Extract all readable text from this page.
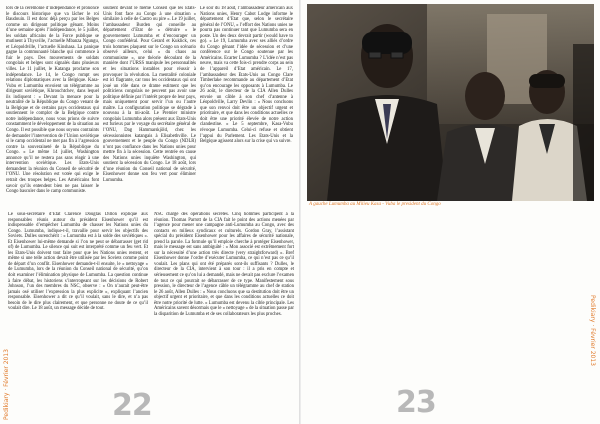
lors de la cérémonie d’indépendance et prononce le discours historique que va lâcher le roi Baudouin. Il est donc déjà perçu par les Belges comme un dirigeant politique gênant. Moins d’une semaine après l’indépendance, le 5 juillet, les soldats africains de la Force publique se mutinent à Thysville, l’actuelle Mbanza Ngungu, et Léopoldville, l’actuelle Kinshasa. La panique gagne la communauté blanche qui commence à fuir le pays. Des mouvements de soldats congolais et belges sont signalés dans plusieurs villes. Le 11 juillet, le Katanga proclame son indépendance. Le 14, le Congo rompt ses relations diplomatiques avec la Belgique. Kasa-Vubu et Lumumba envoient un télégramme au dirigeant soviétique, Khrouchtchev, dans lequel ils indiquent : « Devant la menace pour la neutralité de la République du Congo venant de la Belgique et de certains pays occidentaux qui soutiennent le complot de la Belgique contre notre indépendance, nous vous prions de suivre constamment le développement de la situation au Congo. Il est possible que nous soyons contraints de demander l’intervention de l’Union soviétique si le camp occidental ne met pas fin à l’agression contre la souveraineté de la République du Congo. » Le même 14 juillet, Washington annonce qu’il ne restera pas sans réagir à une intervention soviétique. Les Etats-Unis demandent la réunion du Conseil de sécurité de l’ONU. Une résolution est votée qui exige le retrait des troupes belges. Les Américains font savoir qu’ils entendent bien ne pas laisser le Congo basculer dans le camp communiste.

soutient devant le même Conseil que les Etats-Unis font face au Congo à une situation « similaire à celle de Castro ou pire ». Le 19 juillet, l’ambassadeur Burden qui conseille au département d’Etat de « détruire » le gouvernement Lumumba et d’encourager un Congo confédéral. Pour Gerard et Kuklick, ces trois hommes plaquent sur le Congo un scénario observé ailleurs, celui « du chaos au communisme », une théorie découlant de la manière dont l’URSS manipule les personnalités et les situations instables pour réussir à provoquer la révolution. La mentalité coloniale est ici flagrante, car tous les occidentaux qui ont joué un rôle dans ce drame estiment que les politiciens congolais ne peuvent pas avoir une politique définie par l’intérêt propre de leur pays, mais uniquement pour servir l’un ou l’autre maître. La configuration politique se dégrade à nouveau à la mi-août. Le Premier ministre congolais Lumumba alors présent aux Etats-Unis est furieux par le voyage du secrétaire général de l’ONU, Dag Hammarskjöld, chez les sécessionnistes katangais à Elisabethville. Le gouvernement et le peuple du Congo (NDLR) n’ont pas confiance dans les Nations unies pour mettre fin à la sécession. Cette rentrée en cause des Nations unies inquiète Washington, qui soutient la sécession du Congo. Le 18 août, lors d’une réunion du Conseil national de sécurité, Eisenhower donne son feu vert pour éliminer Lumumba.

Le soir du 18 août, l’ambassadeur américain aux Nations unies, Henry Cabot Lodge informe le département d’Etat que, selon le secrétaire général de l’ONU, « l’effort des Nations unies ne pourra pas continuer tant que Lumumba sera en poste. Un des deux devrait partir (would have to go). » Le 19, Lumumba avec ses alliés d’ordre du Congo gênant l’idée de sécession et d’une conférence sur le Congo soutenue par les Américains. Ecarter Lumumba ? L’idée n’est pas neuve, mais va cette fois-ci prendre corps au sein de l’appareil d’Etat américain. Le 17, l’ambassadeur des Etats-Unis au Congo Clare Timberlake recommande au département d’Etat qu’on encourage les opposants à Lumumba. Le 26 août, le directeur de la CIA Allen Dulles envoie un câble à son chef d’antenne à Léopoldville, Larry Devlin : « Nous concluons que son renvoi doit être un objectif urgent et prioritaire, et que dans les conditions actuelles ce doit être une priorité élevée de notre action clandestine. » Le 5 septembre, Kasa-Vubu révoque Lumumba. Celui-ci refuse et obtient l’appui du Parlement. Les Etats-Unis et la Belgique agissent alors sur la crise qui va suivre.

22	23
A gauche Lumumba au Milieu Kasa - Vuba le president du Congo

Le sous-secrétaire d’Etat Clarence Douglas Dillon explique aux responsables réunis autour du président Eisenhower qu’il est indispensable d’empêcher Lumumba de chasser les Nations unies du Congo. Lumumba, indique-t-il, travaille pour servir les objectifs des Soviets. Dulles surenchérit : « Lumumba est à la solde des soviétiques ». Et Eisenhower lui-même demande si l’on ne peut se débarrasser (get rid of) de Lumumba. Le silence qui suit est interprété comme un feu vert. Et les Etats-Unis doivent tout faire pour que les Nations unies restent, et même si une telle action devait être utilisée par les Soviets comme point de départ d’un conflit. Eisenhower demande-t-il ensuite, le « nettoyage » de Lumumba, lors de la réunion du Conseil national de sécurité, qu’on doit examiner l’élimination physique de Lumumba. La question continue à faire débat, les historiens s’interrogeant sur les décisions de Robert Johnson, l’un des membres du NSC, observe : « On n’aurait peut-être jamais osé utiliser l’expression la plus explicite », expliquant l’ancien responsable. Eisenhower a dit ce qu’il voulait, sans le dire, et n’a pas besoin de le dire plus clairement, et que personne ne doute de ce qu’il voulait dire. Le 18 août, un message décide de tout.

NSC chargé des opérations secrètes. Cinq hommes participent à la réunion. Thomas Parrott de la CIA fait le point des actions menées par l’agence pour mener une campagne anti-Lumumba au Congo, avec des contacts en milieux syndicaux et culturels. Gordon Gray, l’assistant spécial du président Eisenhower pour les affaires de sécurité nationale, prend la parole. La formule qu’il emploie cherche à protéger Eisenhower, mais le message est sans ambiguïté : « Mon associé est extrêmement fort sur la nécessité d’une action très directe (very straightforward) ». Bref Eisenhower donne l’ordre d’exécuter Lumumba, ce qui n’est pas ce qu’il voulait. Les plans qui ont été préparés sont-ils suffisants ? Dulles, le directeur de la CIA, intervient à son tour : il a pris en compte et sérieusement ce qu’on lui a demandé, mais ne devait pas exclure l’examen de tout ce qui pourrait se débarrasser de ce type. Manifestement sous pression, le directeur de l’agence câble un télégramme au chef de station le 26 août, Allen Dulles : « Nous concluons que sa destitution doit être un objectif urgent et prioritaire, et que dans les conditions actuelles ce doit être notre priorité de lutte. » Lumumba est devenu la cible principale. Les Américains savent désormais que le « nettoyage » de la situation passe par la disparition de Lumumba et de ses collaborateurs les plus proches.

Pedikiary · Février 2013
Pedikiary · Février 2013
